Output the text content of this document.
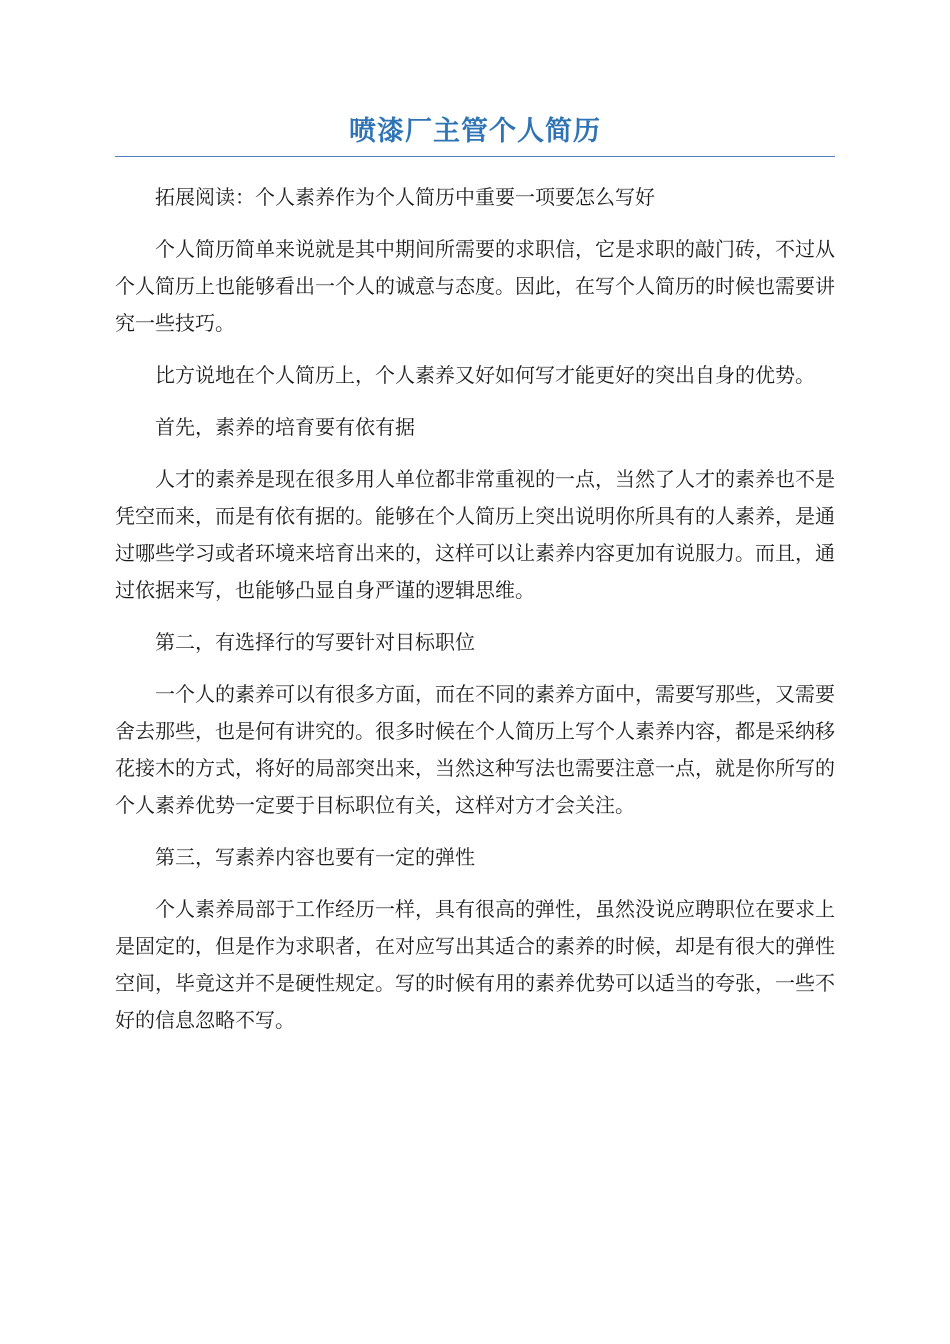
喷漆厂主管个人简历

拓展阅读：个人素养作为个人简历中重要一项要怎么写好

个人简历简单来说就是其中期间所需要的求职信，它是求职的敲门砖，不过从个人简历上也能够看出一个人的诚意与态度。因此，在写个人简历的时候也需要讲究一些技巧。

比方说地在个人简历上，个人素养又好如何写才能更好的突出自身的优势。

首先，素养的培育要有依有据

人才的素养是现在很多用人单位都非常重视的一点，当然了人才的素养也不是凭空而来，而是有依有据的。能够在个人简历上突出说明你所具有的人素养，是通过哪些学习或者环境来培育出来的，这样可以让素养内容更加有说服力。而且，通过依据来写，也能够凸显自身严谨的逻辑思维。

第二，有选择行的写要针对目标职位

一个人的素养可以有很多方面，而在不同的素养方面中，需要写那些，又需要舍去那些，也是何有讲究的。很多时候在个人简历上写个人素养内容，都是采纳移花接木的方式，将好的局部突出来，当然这种写法也需要注意一点，就是你所写的个人素养优势一定要于目标职位有关，这样对方才会关注。

第三，写素养内容也要有一定的弹性

个人素养局部于工作经历一样，具有很高的弹性，虽然没说应聘职位在要求上是固定的，但是作为求职者，在对应写出其适合的素养的时候，却是有很大的弹性空间，毕竟这并不是硬性规定。写的时候有用的素养优势可以适当的夸张，一些不好的信息忽略不写。
